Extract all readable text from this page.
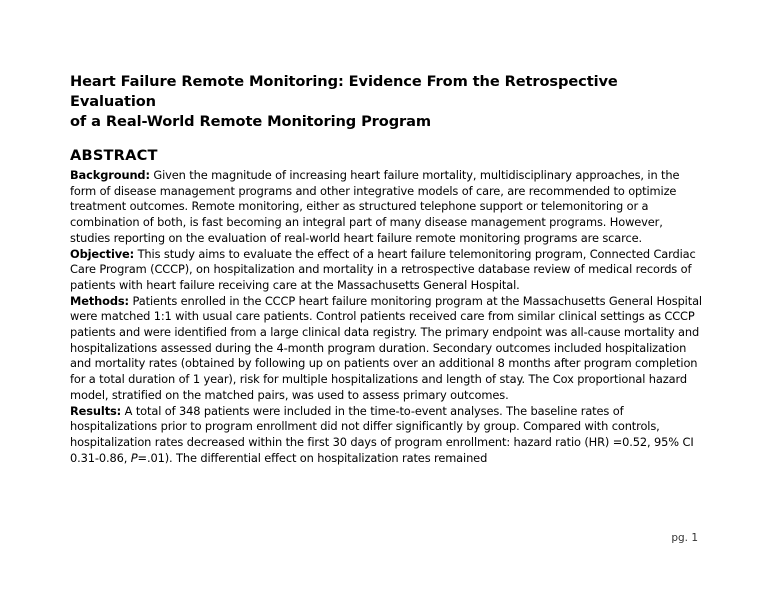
Heart Failure Remote Monitoring: Evidence From the Retrospective Evaluation
of a Real-World Remote Monitoring Program
ABSTRACT

Background: Given the magnitude of increasing heart failure mortality, multidisciplinary approaches, in the form of disease management programs and other integrative models of care, are recommended to optimize treatment outcomes. Remote monitoring, either as structured telephone support or telemonitoring or a combination of both, is fast becoming an integral part of many disease management programs. However, studies reporting on the evaluation of real-world heart failure remote monitoring programs are scarce.

Objective: This study aims to evaluate the effect of a heart failure telemonitoring program, Connected Cardiac Care Program (CCCP), on hospitalization and mortality in a retrospective database review of medical records of patients with heart failure receiving care at the Massachusetts General Hospital.

Methods: Patients enrolled in the CCCP heart failure monitoring program at the Massachusetts General Hospital were matched 1:1 with usual care patients. Control patients received care from similar clinical settings as CCCP patients and were identified from a large clinical data registry. The primary endpoint was all-cause mortality and hospitalizations assessed during the 4-month program duration. Secondary outcomes included hospitalization and mortality rates (obtained by following up on patients over an additional 8 months after program completion for a total duration of 1 year), risk for multiple hospitalizations and length of stay. The Cox proportional hazard model, stratified on the matched pairs, was used to assess primary outcomes.

Results: A total of 348 patients were included in the time-to-event analyses. The baseline rates of hospitalizations prior to program enrollment did not differ significantly by group. Compared with controls, hospitalization rates decreased within the first 30 days of program enrollment: hazard ratio (HR) =0.52, 95% CI 0.31-0.86, P=.01). The differential effect on hospitalization rates remained

pg. 1
